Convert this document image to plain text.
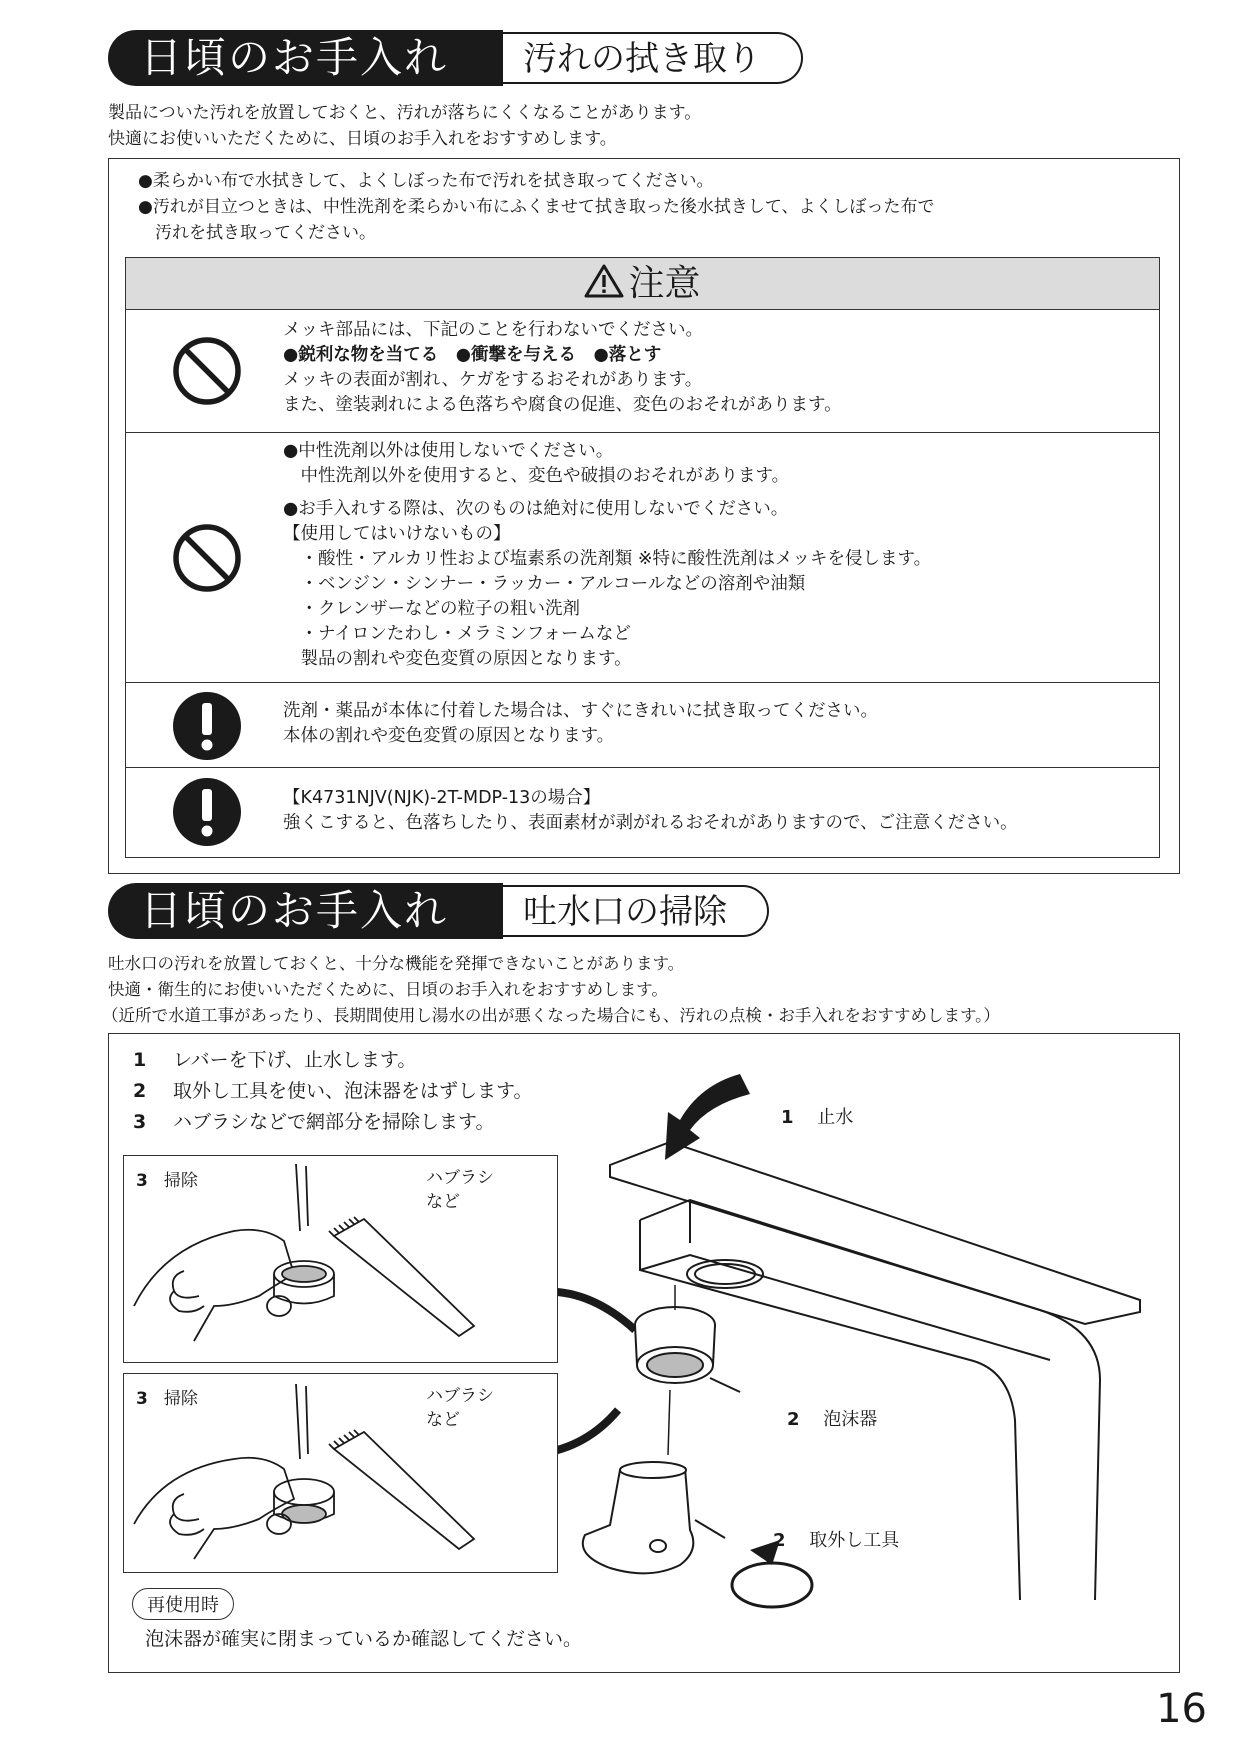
日頃のお手入れ	汚れの拭き取り
製品についた汚れを放置しておくと、汚れが落ちにくくなることがあります。
快適にお使いいただくために、日頃のお手入れをおすすめします。
●柔らかい布で水拭きして、よくしぼった布で汚れを拭き取ってください。
●汚れが目立つときは、中性洗剤を柔らかい布にふくませて拭き取った後水拭きして、よくしぼった布で
　汚れを拭き取ってください。
注意
メッキ部品には、下記のことを行わないでください。
●鋭利な物を当てる　●衝撃を与える　●落とす
メッキの表面が割れ、ケガをするおそれがあります。
また、塗装剥れによる色落ちや腐食の促進、変色のおそれがあります。
●中性洗剤以外は使用しないでください。
　中性洗剤以外を使用すると、変色や破損のおそれがあります。
●お手入れする際は、次のものは絶対に使用しないでください。
【使用してはいけないもの】
　・酸性・アルカリ性および塩素系の洗剤類 ※特に酸性洗剤はメッキを侵します。
　・ベンジン・シンナー・ラッカー・アルコールなどの溶剤や油類
　・クレンザーなどの粒子の粗い洗剤
　・ナイロンたわし・メラミンフォームなど
　製品の割れや変色変質の原因となります。
洗剤・薬品が本体に付着した場合は、すぐにきれいに拭き取ってください。
本体の割れや変色変質の原因となります。
【K4731NJV(NJK)-2T-MDP-13の場合】
強くこすると、色落ちしたり、表面素材が剥がれるおそれがありますので、ご注意ください。
日頃のお手入れ	吐水口の掃除
吐水口の汚れを放置しておくと、十分な機能を発揮できないことがあります。
快適・衛生的にお使いいただくために、日頃のお手入れをおすすめします。
（近所で水道工事があったり、長期間使用し湯水の出が悪くなった場合にも、汚れの点検・お手入れをおすすめします。）
1 レバーを下げ、止水します。
2 取外し工具を使い、泡沫器をはずします。
3 ハブラシなどで網部分を掃除します。	1 止水
2 泡沫器
2 取外し工具
3 掃除	ハブラシ
など
3 掃除	ハブラシ
など
再使用時
泡沫器が確実に閉まっているか確認してください。
16
